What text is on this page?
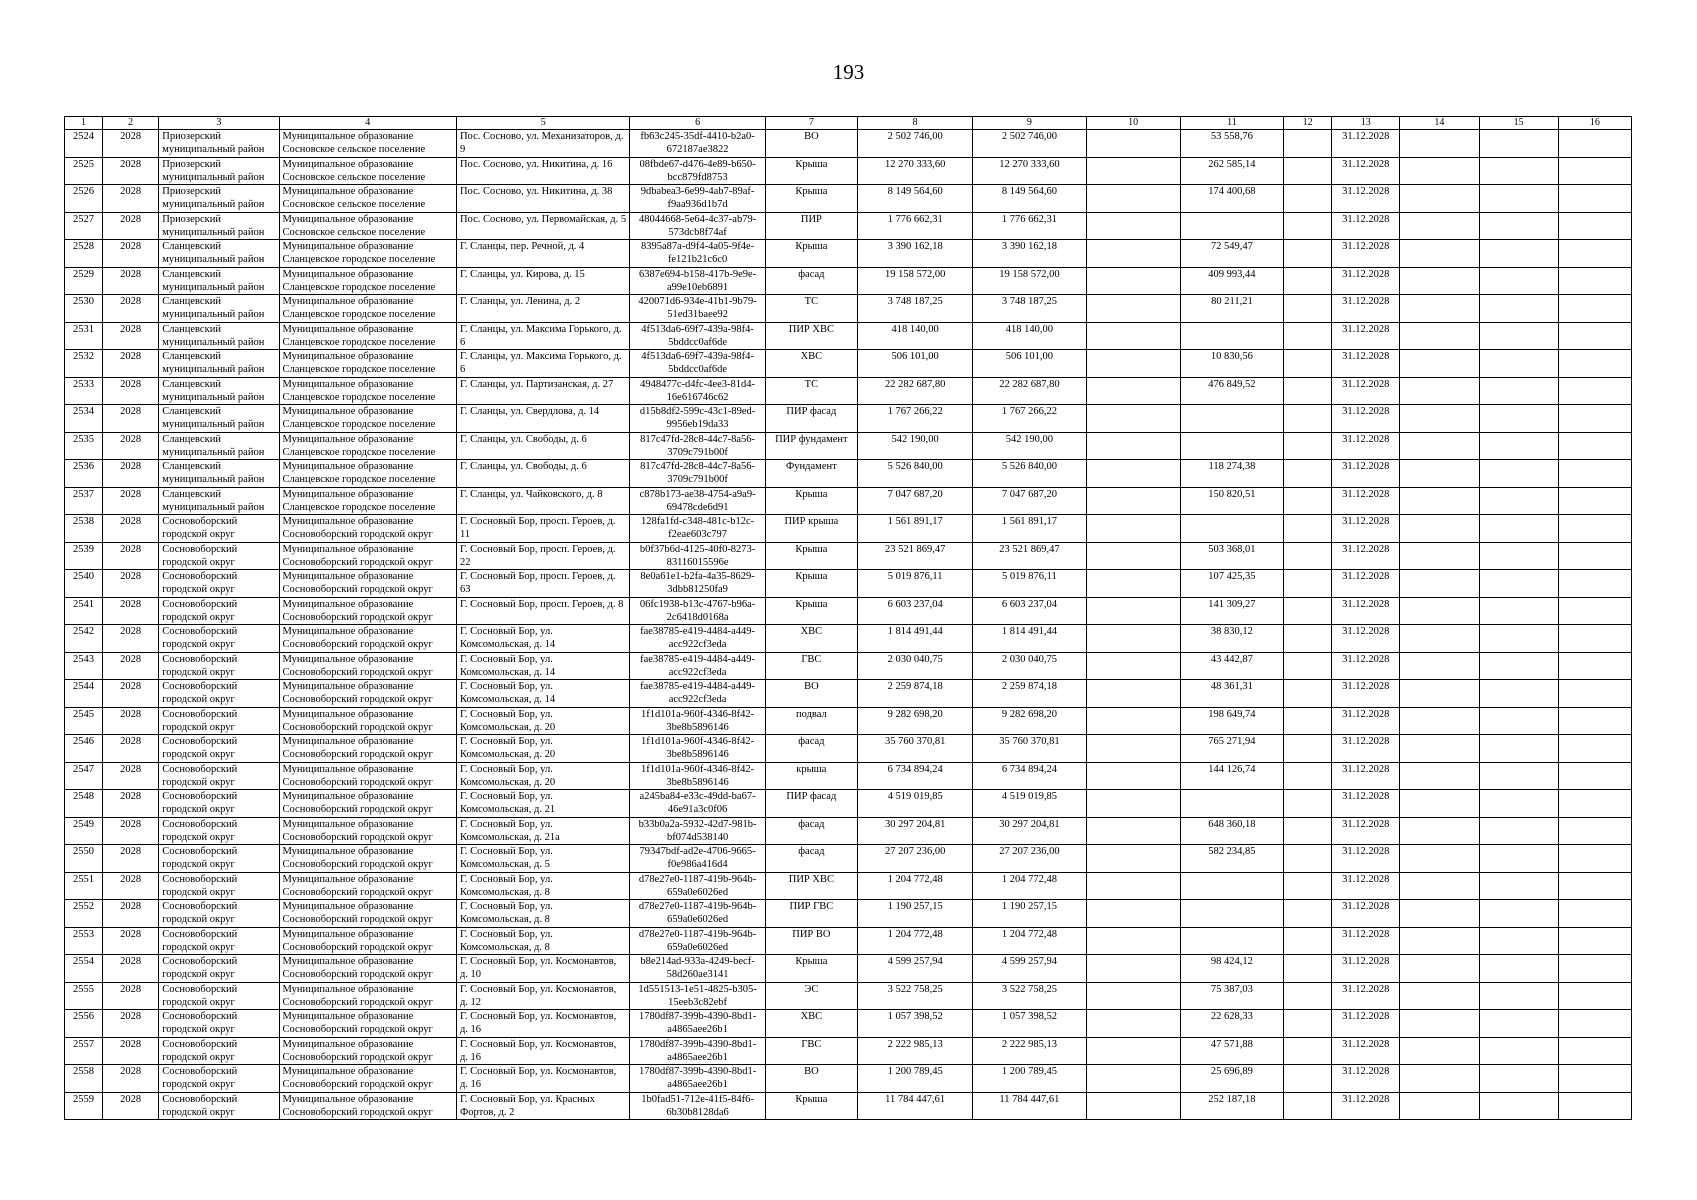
193
1	2	3	4	5	6	7	8	9	10	11	12	13	14	15	16
2524	2028	Приозерский муниципальный район	Муниципальное образование Сосновское сельское поселение	Пос. Сосново, ул. Механизаторов, д. 9	fb63c245-35df-4410-b2a0-672187ae3822	ВО	2 502 746,00	2 502 746,00		53 558,76		31.12.2028			
2525	2028	Приозерский муниципальный район	Муниципальное образование Сосновское сельское поселение	Пос. Сосново, ул. Никитина, д. 16	08fbde67-d476-4e89-b650-bcc879fd8753	Крыша	12 270 333,60	12 270 333,60		262 585,14		31.12.2028			
2526	2028	Приозерский муниципальный район	Муниципальное образование Сосновское сельское поселение	Пос. Сосново, ул. Никитина, д. 38	9dbabea3-6e99-4ab7-89af-f9aa936d1b7d	Крыша	8 149 564,60	8 149 564,60		174 400,68		31.12.2028			
2527	2028	Приозерский муниципальный район	Муниципальное образование Сосновское сельское поселение	Пос. Сосново, ул. Первомайская, д. 5	48044668-5e64-4c37-ab79-573dcb8f74af	ПИР	1 776 662,31	1 776 662,31				31.12.2028			
2528	2028	Сланцевский муниципальный район	Муниципальное образование Сланцевское городское поселение	Г. Сланцы, пер. Речной, д. 4	8395a87a-d9f4-4a05-9f4e-fe121b21c6c0	Крыша	3 390 162,18	3 390 162,18		72 549,47		31.12.2028			
2529	2028	Сланцевский муниципальный район	Муниципальное образование Сланцевское городское поселение	Г. Сланцы, ул. Кирова, д. 15	6387e694-b158-417b-9e9e-a99e10eb6891	фасад	19 158 572,00	19 158 572,00		409 993,44		31.12.2028			
2530	2028	Сланцевский муниципальный район	Муниципальное образование Сланцевское городское поселение	Г. Сланцы, ул. Ленина, д. 2	420071d6-934e-41b1-9b79-51ed31baee92	ТС	3 748 187,25	3 748 187,25		80 211,21		31.12.2028			
2531	2028	Сланцевский муниципальный район	Муниципальное образование Сланцевское городское поселение	Г. Сланцы, ул. Максима Горького, д. 6	4f513da6-69f7-439a-98f4-5bddcc0af6de	ПИР ХВС	418 140,00	418 140,00				31.12.2028			
2532	2028	Сланцевский муниципальный район	Муниципальное образование Сланцевское городское поселение	Г. Сланцы, ул. Максима Горького, д. 6	4f513da6-69f7-439a-98f4-5bddcc0af6de	ХВС	506 101,00	506 101,00		10 830,56		31.12.2028			
2533	2028	Сланцевский муниципальный район	Муниципальное образование Сланцевское городское поселение	Г. Сланцы, ул. Партизанская, д. 27	4948477c-d4fc-4ee3-81d4-16e616746c62	ТС	22 282 687,80	22 282 687,80		476 849,52		31.12.2028			
2534	2028	Сланцевский муниципальный район	Муниципальное образование Сланцевское городское поселение	Г. Сланцы, ул. Свердлова, д. 14	d15b8df2-599c-43c1-89ed-9956eb19da33	ПИР фасад	1 767 266,22	1 767 266,22				31.12.2028			
2535	2028	Сланцевский муниципальный район	Муниципальное образование Сланцевское городское поселение	Г. Сланцы, ул. Свободы, д. 6	817c47fd-28c8-44c7-8a56-3709c791b00f	ПИР фундамент	542 190,00	542 190,00				31.12.2028			
2536	2028	Сланцевский муниципальный район	Муниципальное образование Сланцевское городское поселение	Г. Сланцы, ул. Свободы, д. 6	817c47fd-28c8-44c7-8a56-3709c791b00f	Фундамент	5 526 840,00	5 526 840,00		118 274,38		31.12.2028			
2537	2028	Сланцевский муниципальный район	Муниципальное образование Сланцевское городское поселение	Г. Сланцы, ул. Чайковского, д. 8	c878b173-ae38-4754-a9a9-69478cde6d91	Крыша	7 047 687,20	7 047 687,20		150 820,51		31.12.2028			
2538	2028	Сосновоборский городской округ	Муниципальное образование Сосновоборский городской округ	Г. Сосновый Бор, просп. Героев, д. 11	128fa1fd-c348-481c-b12c-f2eae603c797	ПИР крыша	1 561 891,17	1 561 891,17				31.12.2028			
2539	2028	Сосновоборский городской округ	Муниципальное образование Сосновоборский городской округ	Г. Сосновый Бор, просп. Героев, д. 22	b0f37b6d-4125-40f0-8273-83116015596e	Крыша	23 521 869,47	23 521 869,47		503 368,01		31.12.2028			
2540	2028	Сосновоборский городской округ	Муниципальное образование Сосновоборский городской округ	Г. Сосновый Бор, просп. Героев, д. 63	8e0a61e1-b2fa-4a35-8629-3dbb81250fa9	Крыша	5 019 876,11	5 019 876,11		107 425,35		31.12.2028			
2541	2028	Сосновоборский городской округ	Муниципальное образование Сосновоборский городской округ	Г. Сосновый Бор, просп. Героев, д. 8	06fc1938-b13c-4767-b96a-2c6418d0168a	Крыша	6 603 237,04	6 603 237,04		141 309,27		31.12.2028			
2542	2028	Сосновоборский городской округ	Муниципальное образование Сосновоборский городской округ	Г. Сосновый Бор, ул. Комсомольская, д. 14	fae38785-e419-4484-a449-acc922cf3eda	ХВС	1 814 491,44	1 814 491,44		38 830,12		31.12.2028			
2543	2028	Сосновоборский городской округ	Муниципальное образование Сосновоборский городской округ	Г. Сосновый Бор, ул. Комсомольская, д. 14	fae38785-e419-4484-a449-acc922cf3eda	ГВС	2 030 040,75	2 030 040,75		43 442,87		31.12.2028			
2544	2028	Сосновоборский городской округ	Муниципальное образование Сосновоборский городской округ	Г. Сосновый Бор, ул. Комсомольская, д. 14	fae38785-e419-4484-a449-acc922cf3eda	ВО	2 259 874,18	2 259 874,18		48 361,31		31.12.2028			
2545	2028	Сосновоборский городской округ	Муниципальное образование Сосновоборский городской округ	Г. Сосновый Бор, ул. Комсомольская, д. 20	1f1d101a-960f-4346-8f42-3be8b5896146	подвал	9 282 698,20	9 282 698,20		198 649,74		31.12.2028			
2546	2028	Сосновоборский городской округ	Муниципальное образование Сосновоборский городской округ	Г. Сосновый Бор, ул. Комсомольская, д. 20	1f1d101a-960f-4346-8f42-3be8b5896146	фасад	35 760 370,81	35 760 370,81		765 271,94		31.12.2028			
2547	2028	Сосновоборский городской округ	Муниципальное образование Сосновоборский городской округ	Г. Сосновый Бор, ул. Комсомольская, д. 20	1f1d101a-960f-4346-8f42-3be8b5896146	крыша	6 734 894,24	6 734 894,24		144 126,74		31.12.2028			
2548	2028	Сосновоборский городской округ	Муниципальное образование Сосновоборский городской округ	Г. Сосновый Бор, ул. Комсомольская, д. 21	a245ba84-e33c-49dd-ba67-46e91a3c0f06	ПИР фасад	4 519 019,85	4 519 019,85				31.12.2028			
2549	2028	Сосновоборский городской округ	Муниципальное образование Сосновоборский городской округ	Г. Сосновый Бор, ул. Комсомольская, д. 21а	b33b0a2a-5932-42d7-981b-bf074d538140	фасад	30 297 204,81	30 297 204,81		648 360,18		31.12.2028			
2550	2028	Сосновоборский городской округ	Муниципальное образование Сосновоборский городской округ	Г. Сосновый Бор, ул. Комсомольская, д. 5	79347bdf-ad2e-4706-9665-f0e986a416d4	фасад	27 207 236,00	27 207 236,00		582 234,85		31.12.2028			
2551	2028	Сосновоборский городской округ	Муниципальное образование Сосновоборский городской округ	Г. Сосновый Бор, ул. Комсомольская, д. 8	d78e27e0-1187-419b-964b-659a0e6026ed	ПИР ХВС	1 204 772,48	1 204 772,48				31.12.2028			
2552	2028	Сосновоборский городской округ	Муниципальное образование Сосновоборский городской округ	Г. Сосновый Бор, ул. Комсомольская, д. 8	d78e27e0-1187-419b-964b-659a0e6026ed	ПИР ГВС	1 190 257,15	1 190 257,15				31.12.2028			
2553	2028	Сосновоборский городской округ	Муниципальное образование Сосновоборский городской округ	Г. Сосновый Бор, ул. Комсомольская, д. 8	d78e27e0-1187-419b-964b-659a0e6026ed	ПИР ВО	1 204 772,48	1 204 772,48				31.12.2028			
2554	2028	Сосновоборский городской округ	Муниципальное образование Сосновоборский городской округ	Г. Сосновый Бор, ул. Космонавтов, д. 10	b8e214ad-933a-4249-becf-58d260ae3141	Крыша	4 599 257,94	4 599 257,94		98 424,12		31.12.2028			
2555	2028	Сосновоборский городской округ	Муниципальное образование Сосновоборский городской округ	Г. Сосновый Бор, ул. Космонавтов, д. 12	1d551513-1e51-4825-b305-15eeb3c82ebf	ЭС	3 522 758,25	3 522 758,25		75 387,03		31.12.2028			
2556	2028	Сосновоборский городской округ	Муниципальное образование Сосновоборский городской округ	Г. Сосновый Бор, ул. Космонавтов, д. 16	1780df87-399b-4390-8bd1-a4865aee26b1	ХВС	1 057 398,52	1 057 398,52		22 628,33		31.12.2028			
2557	2028	Сосновоборский городской округ	Муниципальное образование Сосновоборский городской округ	Г. Сосновый Бор, ул. Космонавтов, д. 16	1780df87-399b-4390-8bd1-a4865aee26b1	ГВС	2 222 985,13	2 222 985,13		47 571,88		31.12.2028			
2558	2028	Сосновоборский городской округ	Муниципальное образование Сосновоборский городской округ	Г. Сосновый Бор, ул. Космонавтов, д. 16	1780df87-399b-4390-8bd1-a4865aee26b1	ВО	1 200 789,45	1 200 789,45		25 696,89		31.12.2028			
2559	2028	Сосновоборский городской округ	Муниципальное образование Сосновоборский городской округ	Г. Сосновый Бор, ул. Красных Фортов, д. 2	1b0fad51-712e-41f5-84f6-6b30b8128da6	Крыша	11 784 447,61	11 784 447,61		252 187,18		31.12.2028			
